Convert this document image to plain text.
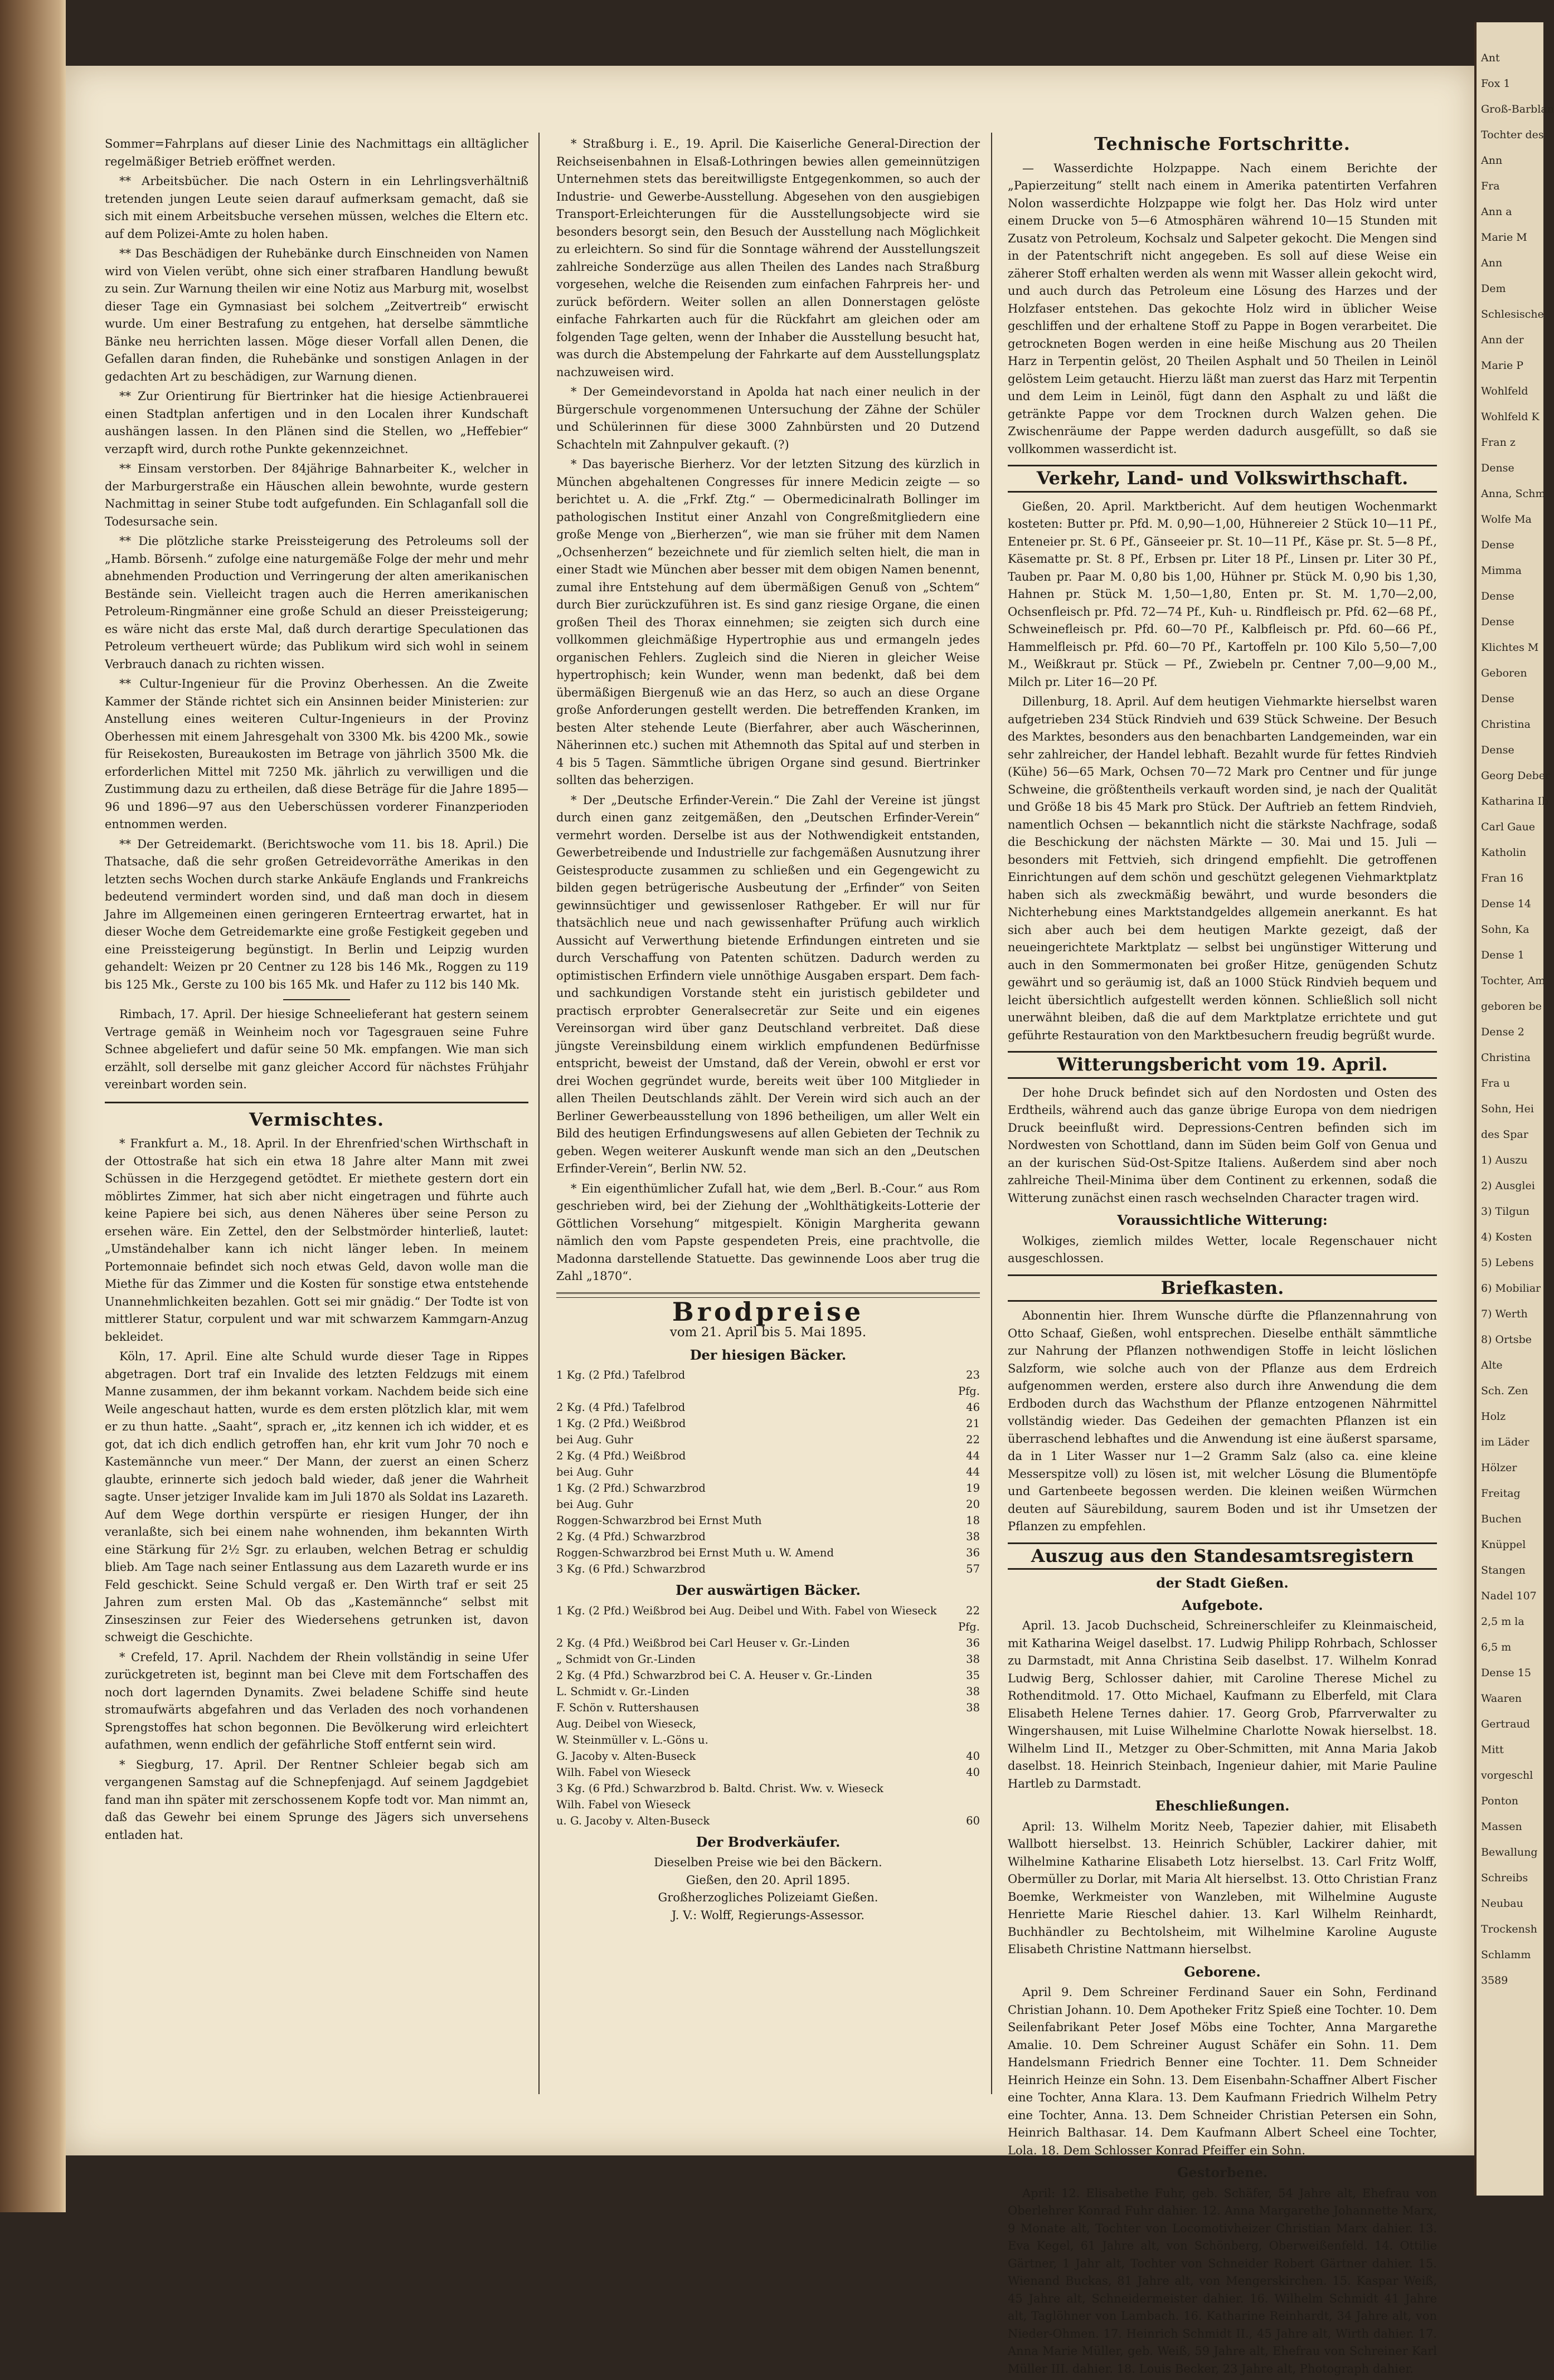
Sommer=Fahrplans auf dieser Linie des Nachmittags ein alltäglicher regelmäßiger Betrieb eröffnet werden.

** Arbeitsbücher. Die nach Ostern in ein Lehrlingsverhältniß tretenden jungen Leute seien darauf aufmerksam gemacht, daß sie sich mit einem Arbeitsbuche versehen müssen, welches die Eltern etc. auf dem Polizei-Amte zu holen haben.

** Das Beschädigen der Ruhebänke durch Einschneiden von Namen wird von Vielen verübt, ohne sich einer strafbaren Handlung bewußt zu sein. Zur Warnung theilen wir eine Notiz aus Marburg mit, woselbst dieser Tage ein Gymnasiast bei solchem „Zeitvertreib“ erwischt wurde. Um einer Bestrafung zu entgehen, hat derselbe sämmtliche Bänke neu herrichten lassen. Möge dieser Vorfall allen Denen, die Gefallen daran finden, die Ruhebänke und sonstigen Anlagen in der gedachten Art zu beschädigen, zur Warnung dienen.

** Zur Orientirung für Biertrinker hat die hiesige Actienbrauerei einen Stadtplan anfertigen und in den Localen ihrer Kundschaft aushängen lassen. In den Plänen sind die Stellen, wo „Heffebier“ verzapft wird, durch rothe Punkte gekennzeichnet.

** Einsam verstorben. Der 84jährige Bahnarbeiter K., welcher in der Marburgerstraße ein Häuschen allein bewohnte, wurde gestern Nachmittag in seiner Stube todt aufgefunden. Ein Schlaganfall soll die Todesursache sein.

** Die plötzliche starke Preissteigerung des Petroleums soll der „Hamb. Börsenh.“ zufolge eine naturgemäße Folge der mehr und mehr abnehmenden Production und Verringerung der alten amerikanischen Bestände sein. Vielleicht tragen auch die Herren amerikanischen Petroleum-Ringmänner eine große Schuld an dieser Preissteigerung; es wäre nicht das erste Mal, daß durch derartige Speculationen das Petroleum vertheuert würde; das Publikum wird sich wohl in seinem Verbrauch danach zu richten wissen.

** Cultur-Ingenieur für die Provinz Oberhessen. An die Zweite Kammer der Stände richtet sich ein Ansinnen beider Ministerien: zur Anstellung eines weiteren Cultur-Ingenieurs in der Provinz Oberhessen mit einem Jahresgehalt von 3300 Mk. bis 4200 Mk., sowie für Reisekosten, Bureaukosten im Betrage von jährlich 3500 Mk. die erforderlichen Mittel mit 7250 Mk. jährlich zu verwilligen und die Zustimmung dazu zu ertheilen, daß diese Beträge für die Jahre 1895—96 und 1896—97 aus den Ueberschüssen vorderer Finanzperioden entnommen werden.

** Der Getreidemarkt. (Berichtswoche vom 11. bis 18. April.) Die Thatsache, daß die sehr großen Getreidevorräthe Amerikas in den letzten sechs Wochen durch starke Ankäufe Englands und Frankreichs bedeutend vermindert worden sind, und daß man doch in diesem Jahre im Allgemeinen einen geringeren Ernteertrag erwartet, hat in dieser Woche dem Getreidemarkte eine große Festigkeit gegeben und eine Preissteigerung begünstigt. In Berlin und Leipzig wurden gehandelt: Weizen pr 20 Centner zu 128 bis 146 Mk., Roggen zu 119 bis 125 Mk., Gerste zu 100 bis 165 Mk. und Hafer zu 112 bis 140 Mk.

Rimbach, 17. April. Der hiesige Schneelieferant hat gestern seinem Vertrage gemäß in Weinheim noch vor Tagesgrauen seine Fuhre Schnee abgeliefert und dafür seine 50 Mk. empfangen. Wie man sich erzählt, soll derselbe mit ganz gleicher Accord für nächstes Frühjahr vereinbart worden sein.

Vermischtes.

* Frankfurt a. M., 18. April. In der Ehrenfried'schen Wirthschaft in der Ottostraße hat sich ein etwa 18 Jahre alter Mann mit zwei Schüssen in die Herzgegend getödtet. Er miethete gestern dort ein möblirtes Zimmer, hat sich aber nicht eingetragen und führte auch keine Papiere bei sich, aus denen Näheres über seine Person zu ersehen wäre. Ein Zettel, den der Selbstmörder hinterließ, lautet: „Umständehalber kann ich nicht länger leben. In meinem Portemonnaie befindet sich noch etwas Geld, davon wolle man die Miethe für das Zimmer und die Kosten für sonstige etwa entstehende Unannehmlichkeiten bezahlen. Gott sei mir gnädig.“ Der Todte ist von mittlerer Statur, corpulent und war mit schwarzem Kammgarn-Anzug bekleidet.

Köln, 17. April. Eine alte Schuld wurde dieser Tage in Rippes abgetragen. Dort traf ein Invalide des letzten Feldzugs mit einem Manne zusammen, der ihm bekannt vorkam. Nachdem beide sich eine Weile angeschaut hatten, wurde es dem ersten plötzlich klar, mit wem er zu thun hatte. „Saaht“, sprach er, „itz kennen ich ich widder, et es got, dat ich dich endlich getroffen han, ehr krit vum Johr 70 noch e Kastemännche vun meer.“ Der Mann, der zuerst an einen Scherz glaubte, erinnerte sich jedoch bald wieder, daß jener die Wahrheit sagte. Unser jetziger Invalide kam im Juli 1870 als Soldat ins Lazareth. Auf dem Wege dorthin verspürte er riesigen Hunger, der ihn veranlaßte, sich bei einem nahe wohnenden, ihm bekannten Wirth eine Stärkung für 2½ Sgr. zu erlauben, welchen Betrag er schuldig blieb. Am Tage nach seiner Entlassung aus dem Lazareth wurde er ins Feld geschickt. Seine Schuld vergaß er. Den Wirth traf er seit 25 Jahren zum ersten Mal. Ob das „Kastemännche“ selbst mit Zinseszinsen zur Feier des Wiedersehens getrunken ist, davon schweigt die Geschichte.

* Crefeld, 17. April. Nachdem der Rhein vollständig in seine Ufer zurückgetreten ist, beginnt man bei Cleve mit dem Fortschaffen des noch dort lagernden Dynamits. Zwei beladene Schiffe sind heute stromaufwärts abgefahren und das Verladen des noch vorhandenen Sprengstoffes hat schon begonnen. Die Bevölkerung wird erleichtert aufathmen, wenn endlich der gefährliche Stoff entfernt sein wird.

* Siegburg, 17. April. Der Rentner Schleier begab sich am vergangenen Samstag auf die Schnepfenjagd. Auf seinem Jagdgebiet fand man ihn später mit zerschossenem Kopfe todt vor. Man nimmt an, daß das Gewehr bei einem Sprunge des Jägers sich unversehens entladen hat.

* Straßburg i. E., 19. April. Die Kaiserliche General-Direction der Reichseisenbahnen in Elsaß-Lothringen bewies allen gemeinnützigen Unternehmen stets das bereitwilligste Entgegenkommen, so auch der Industrie- und Gewerbe-Ausstellung. Abgesehen von den ausgiebigen Transport-Erleichterungen für die Ausstellungsobjecte wird sie besonders besorgt sein, den Besuch der Ausstellung nach Möglichkeit zu erleichtern. So sind für die Sonntage während der Ausstellungszeit zahlreiche Sonderzüge aus allen Theilen des Landes nach Straßburg vorgesehen, welche die Reisenden zum einfachen Fahrpreis her- und zurück befördern. Weiter sollen an allen Donnerstagen gelöste einfache Fahrkarten auch für die Rückfahrt am gleichen oder am folgenden Tage gelten, wenn der Inhaber die Ausstellung besucht hat, was durch die Abstempelung der Fahrkarte auf dem Ausstellungsplatz nachzuweisen wird.

* Der Gemeindevorstand in Apolda hat nach einer neulich in der Bürgerschule vorgenommenen Untersuchung der Zähne der Schüler und Schülerinnen für diese 3000 Zahnbürsten und 20 Dutzend Schachteln mit Zahnpulver gekauft. (?)

* Das bayerische Bierherz. Vor der letzten Sitzung des kürzlich in München abgehaltenen Congresses für innere Medicin zeigte — so berichtet u. A. die „Frkf. Ztg.“ — Obermedicinalrath Bollinger im pathologischen Institut einer Anzahl von Congreßmitgliedern eine große Menge von „Bierherzen“, wie man sie früher mit dem Namen „Ochsenherzen“ bezeichnete und für ziemlich selten hielt, die man in einer Stadt wie München aber besser mit dem obigen Namen benennt, zumal ihre Entstehung auf dem übermäßigen Genuß von „Schtem“ durch Bier zurückzuführen ist. Es sind ganz riesige Organe, die einen großen Theil des Thorax einnehmen; sie zeigten sich durch eine vollkommen gleichmäßige Hypertrophie aus und ermangeln jedes organischen Fehlers. Zugleich sind die Nieren in gleicher Weise hypertrophisch; kein Wunder, wenn man bedenkt, daß bei dem übermäßigen Biergenuß wie an das Herz, so auch an diese Organe große Anforderungen gestellt werden. Die betreffenden Kranken, im besten Alter stehende Leute (Bierfahrer, aber auch Wäscherinnen, Näherinnen etc.) suchen mit Athemnoth das Spital auf und sterben in 4 bis 5 Tagen. Sämmtliche übrigen Organe sind gesund. Biertrinker sollten das beherzigen.

* Der „Deutsche Erfinder-Verein.“ Die Zahl der Vereine ist jüngst durch einen ganz zeitgemäßen, den „Deutschen Erfinder-Verein“ vermehrt worden. Derselbe ist aus der Nothwendigkeit entstanden, Gewerbetreibende und Industrielle zur fachgemäßen Ausnutzung ihrer Geistesproducte zusammen zu schließen und ein Gegengewicht zu bilden gegen betrügerische Ausbeutung der „Erfinder“ von Seiten gewinnsüchtiger und gewissenloser Rathgeber. Er will nur für thatsächlich neue und nach gewissenhafter Prüfung auch wirklich Aussicht auf Verwerthung bietende Erfindungen eintreten und sie durch Verschaffung von Patenten schützen. Dadurch werden zu optimistischen Erfindern viele unnöthige Ausgaben erspart. Dem fach- und sachkundigen Vorstande steht ein juristisch gebildeter und practisch erprobter Generalsecretär zur Seite und ein eigenes Vereinsorgan wird über ganz Deutschland verbreitet. Daß diese jüngste Vereinsbildung einem wirklich empfundenen Bedürfnisse entspricht, beweist der Umstand, daß der Verein, obwohl er erst vor drei Wochen gegründet wurde, bereits weit über 100 Mitglieder in allen Theilen Deutschlands zählt. Der Verein wird sich auch an der Berliner Gewerbeausstellung von 1896 betheiligen, um aller Welt ein Bild des heutigen Erfindungswesens auf allen Gebieten der Technik zu geben. Wegen weiterer Auskunft wende man sich an den „Deutschen Erfinder-Verein“, Berlin NW. 52.

* Ein eigenthümlicher Zufall hat, wie dem „Berl. B.-Cour.“ aus Rom geschrieben wird, bei der Ziehung der „Wohlthätigkeits-Lotterie der Göttlichen Vorsehung“ mitgespielt. Königin Margherita gewann nämlich den vom Papste gespendeten Preis, eine prachtvolle, die Madonna darstellende Statuette. Das gewinnende Loos aber trug die Zahl „1870“.

Brodpreise
vom 21. April bis 5. Mai 1895.
Der hiesigen Bäcker.
1 Kg. (2 Pfd.) Tafelbrod	23 Pfg.
2 Kg. (4 Pfd.) Tafelbrod	46
1 Kg. (2 Pfd.) Weißbrod	21
bei Aug. Guhr	22
2 Kg. (4 Pfd.) Weißbrod	44
bei Aug. Guhr	44
1 Kg. (2 Pfd.) Schwarzbrod	19
bei Aug. Guhr	20
Roggen-Schwarzbrod bei Ernst Muth	18
2 Kg. (4 Pfd.) Schwarzbrod	38
Roggen-Schwarzbrod bei Ernst Muth u. W. Amend	36
3 Kg. (6 Pfd.) Schwarzbrod	57
Der auswärtigen Bäcker.
1 Kg. (2 Pfd.) Weißbrod bei Aug. Deibel und With. Fabel von Wieseck	22 Pfg.
2 Kg. (4 Pfd.) Weißbrod bei Carl Heuser v. Gr.-Linden	36
„ Schmidt von Gr.-Linden	38
2 Kg. (4 Pfd.) Schwarzbrod bei C. A. Heuser v. Gr.-Linden	35
L. Schmidt v. Gr.-Linden	38
F. Schön v. Ruttershausen	38
Aug. Deibel von Wieseck,	
W. Steinmüller v. L.-Göns u.	
G. Jacoby v. Alten-Buseck	40
Wilh. Fabel von Wieseck	40
3 Kg. (6 Pfd.) Schwarzbrod b. Baltd. Christ. Ww. v. Wieseck	
Wilh. Fabel von Wieseck	
u. G. Jacoby v. Alten-Buseck	60
Der Brodverkäufer.
Dieselben Preise wie bei den Bäckern.
Gießen, den 20. April 1895.
Großherzogliches Polizeiamt Gießen.
J. V.: Wolff, Regierungs-Assessor.
Technische Fortschritte.

— Wasserdichte Holzpappe. Nach einem Berichte der „Papierzeitung“ stellt nach einem in Amerika patentirten Verfahren Nolon wasserdichte Holzpappe wie folgt her. Das Holz wird unter einem Drucke von 5—6 Atmosphären während 10—15 Stunden mit Zusatz von Petroleum, Kochsalz und Salpeter gekocht. Die Mengen sind in der Patentschrift nicht angegeben. Es soll auf diese Weise ein zäherer Stoff erhalten werden als wenn mit Wasser allein gekocht wird, und auch durch das Petroleum eine Lösung des Harzes und der Holzfaser entstehen. Das gekochte Holz wird in üblicher Weise geschliffen und der erhaltene Stoff zu Pappe in Bogen verarbeitet. Die getrockneten Bogen werden in eine heiße Mischung aus 20 Theilen Harz in Terpentin gelöst, 20 Theilen Asphalt und 50 Theilen in Leinöl gelöstem Leim getaucht. Hierzu läßt man zuerst das Harz mit Terpentin und dem Leim in Leinöl, fügt dann den Asphalt zu und läßt die getränkte Pappe vor dem Trocknen durch Walzen gehen. Die Zwischenräume der Pappe werden dadurch ausgefüllt, so daß sie vollkommen wasserdicht ist.

Verkehr, Land- und Volkswirthschaft.

Gießen, 20. April. Marktbericht. Auf dem heutigen Wochenmarkt kosteten: Butter pr. Pfd. M. 0,90—1,00, Hühnereier 2 Stück 10—11 Pf., Enteneier pr. St. 6 Pf., Gänseeier pr. St. 10—11 Pf., Käse pr. St. 5—8 Pf., Käsematte pr. St. 8 Pf., Erbsen pr. Liter 18 Pf., Linsen pr. Liter 30 Pf., Tauben pr. Paar M. 0,80 bis 1,00, Hühner pr. Stück M. 0,90 bis 1,30, Hahnen pr. Stück M. 1,50—1,80, Enten pr. St. M. 1,70—2,00, Ochsenfleisch pr. Pfd. 72—74 Pf., Kuh- u. Rindfleisch pr. Pfd. 62—68 Pf., Schweinefleisch pr. Pfd. 60—70 Pf., Kalbfleisch pr. Pfd. 60—66 Pf., Hammelfleisch pr. Pfd. 60—70 Pf., Kartoffeln pr. 100 Kilo 5,50—7,00 M., Weißkraut pr. Stück — Pf., Zwiebeln pr. Centner 7,00—9,00 M., Milch pr. Liter 16—20 Pf.

Dillenburg, 18. April. Auf dem heutigen Viehmarkte hierselbst waren aufgetrieben 234 Stück Rindvieh und 639 Stück Schweine. Der Besuch des Marktes, besonders aus den benachbarten Landgemeinden, war ein sehr zahlreicher, der Handel lebhaft. Bezahlt wurde für fettes Rindvieh (Kühe) 56—65 Mark, Ochsen 70—72 Mark pro Centner und für junge Schweine, die größtentheils verkauft worden sind, je nach der Qualität und Größe 18 bis 45 Mark pro Stück. Der Auftrieb an fettem Rindvieh, namentlich Ochsen — bekanntlich nicht die stärkste Nachfrage, sodaß die Beschickung der nächsten Märkte — 30. Mai und 15. Juli — besonders mit Fettvieh, sich dringend empfiehlt. Die getroffenen Einrichtungen auf dem schön und geschützt gelegenen Viehmarktplatz haben sich als zweckmäßig bewährt, und wurde besonders die Nichterhebung eines Marktstandgeldes allgemein anerkannt. Es hat sich aber auch bei dem heutigen Markte gezeigt, daß der neueingerichtete Marktplatz — selbst bei ungünstiger Witterung und auch in den Sommermonaten bei großer Hitze, genügenden Schutz gewährt und so geräumig ist, daß an 1000 Stück Rindvieh bequem und leicht übersichtlich aufgestellt werden können. Schließlich soll nicht unerwähnt bleiben, daß die auf dem Marktplatze errichtete und gut geführte Restauration von den Marktbesuchern freudig begrüßt wurde.

Witterungsbericht vom 19. April.

Der hohe Druck befindet sich auf den Nordosten und Osten des Erdtheils, während auch das ganze übrige Europa von dem niedrigen Druck beeinflußt wird. Depressions-Centren befinden sich im Nordwesten von Schottland, dann im Süden beim Golf von Genua und an der kurischen Süd-Ost-Spitze Italiens. Außerdem sind aber noch zahlreiche Theil-Minima über dem Continent zu erkennen, sodaß die Witterung zunächst einen rasch wechselnden Character tragen wird.

Voraussichtliche Witterung:

Wolkiges, ziemlich mildes Wetter, locale Regenschauer nicht ausgeschlossen.

Briefkasten.

Abonnentin hier. Ihrem Wunsche dürfte die Pflanzennahrung von Otto Schaaf, Gießen, wohl entsprechen. Dieselbe enthält sämmtliche zur Nahrung der Pflanzen nothwendigen Stoffe in leicht löslichen Salzform, wie solche auch von der Pflanze aus dem Erdreich aufgenommen werden, erstere also durch ihre Anwendung die dem Erdboden durch das Wachsthum der Pflanze entzogenen Nährmittel vollständig wieder. Das Gedeihen der gemachten Pflanzen ist ein überraschend lebhaftes und die Anwendung ist eine äußerst sparsame, da in 1 Liter Wasser nur 1—2 Gramm Salz (also ca. eine kleine Messerspitze voll) zu lösen ist, mit welcher Lösung die Blumentöpfe und Gartenbeete begossen werden. Die kleinen weißen Würmchen deuten auf Säurebildung, saurem Boden und ist ihr Umsetzen der Pflanzen zu empfehlen.

Auszug aus den Standesamtsregistern
der Stadt Gießen.
Aufgebote.

April. 13. Jacob Duchscheid, Schreinerschleifer zu Kleinmaischeid, mit Katharina Weigel daselbst. 17. Ludwig Philipp Rohrbach, Schlosser zu Darmstadt, mit Anna Christina Seib daselbst. 17. Wilhelm Konrad Ludwig Berg, Schlosser dahier, mit Caroline Therese Michel zu Rothenditmold. 17. Otto Michael, Kaufmann zu Elberfeld, mit Clara Elisabeth Helene Ternes dahier. 17. Georg Grob, Pfarrverwalter zu Wingershausen, mit Luise Wilhelmine Charlotte Nowak hierselbst. 18. Wilhelm Lind II., Metzger zu Ober-Schmitten, mit Anna Maria Jakob daselbst. 18. Heinrich Steinbach, Ingenieur dahier, mit Marie Pauline Hartleb zu Darmstadt.

Eheschließungen.

April: 13. Wilhelm Moritz Neeb, Tapezier dahier, mit Elisabeth Wallbott hierselbst. 13. Heinrich Schübler, Lackirer dahier, mit Wilhelmine Katharine Elisabeth Lotz hierselbst. 13. Carl Fritz Wolff, Obermüller zu Dorlar, mit Maria Alt hierselbst. 13. Otto Christian Franz Boemke, Werkmeister von Wanzleben, mit Wilhelmine Auguste Henriette Marie Rieschel dahier. 13. Karl Wilhelm Reinhardt, Buchhändler zu Bechtolsheim, mit Wilhelmine Karoline Auguste Elisabeth Christine Nattmann hierselbst.

Geborene.

April 9. Dem Schreiner Ferdinand Sauer ein Sohn, Ferdinand Christian Johann. 10. Dem Apotheker Fritz Spieß eine Tochter. 10. Dem Seilenfabrikant Peter Josef Möbs eine Tochter, Anna Margarethe Amalie. 10. Dem Schreiner August Schäfer ein Sohn. 11. Dem Handelsmann Friedrich Benner eine Tochter. 11. Dem Schneider Heinrich Heinze ein Sohn. 13. Dem Eisenbahn-Schaffner Albert Fischer eine Tochter, Anna Klara. 13. Dem Kaufmann Friedrich Wilhelm Petry eine Tochter, Anna. 13. Dem Schneider Christian Petersen ein Sohn, Heinrich Balthasar. 14. Dem Kaufmann Albert Scheel eine Tochter, Lola. 18. Dem Schlosser Konrad Pfeiffer ein Sohn.

Gestorbene.

April: 12. Elisabethe Fuhr, geb. Schäfer, 54 Jahre alt, Ehefrau von Oberlehrer Konrad Fuhr dahier. 12. Anna Margarethe Johannette Marx, 9 Monate alt, Tochter von Locomotivheizer Christian Marx dahier. 13. Eva Kegel, 61 Jahre alt, von Schönberg, Oberweißenfeld. 14. Ottilie Gärtner, 1 Jahr alt, Tochter von Schneider Robert Gärtner dahier. 15. Wienand Buckas, 81 Jahre alt, von Mengerskirchen. 15. Kaspar Weiß, 45 Jahre alt, Schneidermeister dahier. 16. Wilhelm Schmidt 41 Jahre alt, Taglöhner von Lambach. 16. Katharine Reinhardt, 34 Jahre alt, von Nieder-Ohmen. 17. Heinrich Schmidt II., 45 Jahre alt, Wirth dahier. 17. Anna Marie Müller, geb. Weiß, 59 Jahre alt, Ehefrau von Schreiner Karl Müller III. dahier. 18. Louis Becker, 23 Jahre alt, Photograph dahier.

Ant
Fox 1
Groß-Barblan
Tochter des
Ann
Fra
Ann a
Marie M
Ann
Dem
Schlesische
Ann der
Marie P
Wohlfeld
Wohlfeld K
Fran z
Dense
Anna, Schm
Wolfe Ma
Dense
Mimma
Dense
Dense
Klichtes M
Geboren
Dense
Christina
Dense
Georg Deber
Katharina Ib
Carl Gaue
Katholin
Fran 16
Dense 14
Sohn, Ka
Dense 1
Tochter, Am
geboren be
Dense 2
Christina
Fra u
Sohn, Hei
des Spar
1) Auszu
2) Ausglei
3) Tilgun
4) Kosten
5) Lebens
6) Mobiliar
7) Werth
8) Ortsbe
Alte
Sch. Zen
Holz
im Läder
Hölzer
Freitag
Buchen
Knüppel
Stangen
Nadel 107
2,5 m la
6,5 m
Dense 15
Waaren
Gertraud
Mitt
vorgeschl
Ponton
Massen
Bewallung
Schreibs
Neubau
Trockensh
Schlamm
3589
